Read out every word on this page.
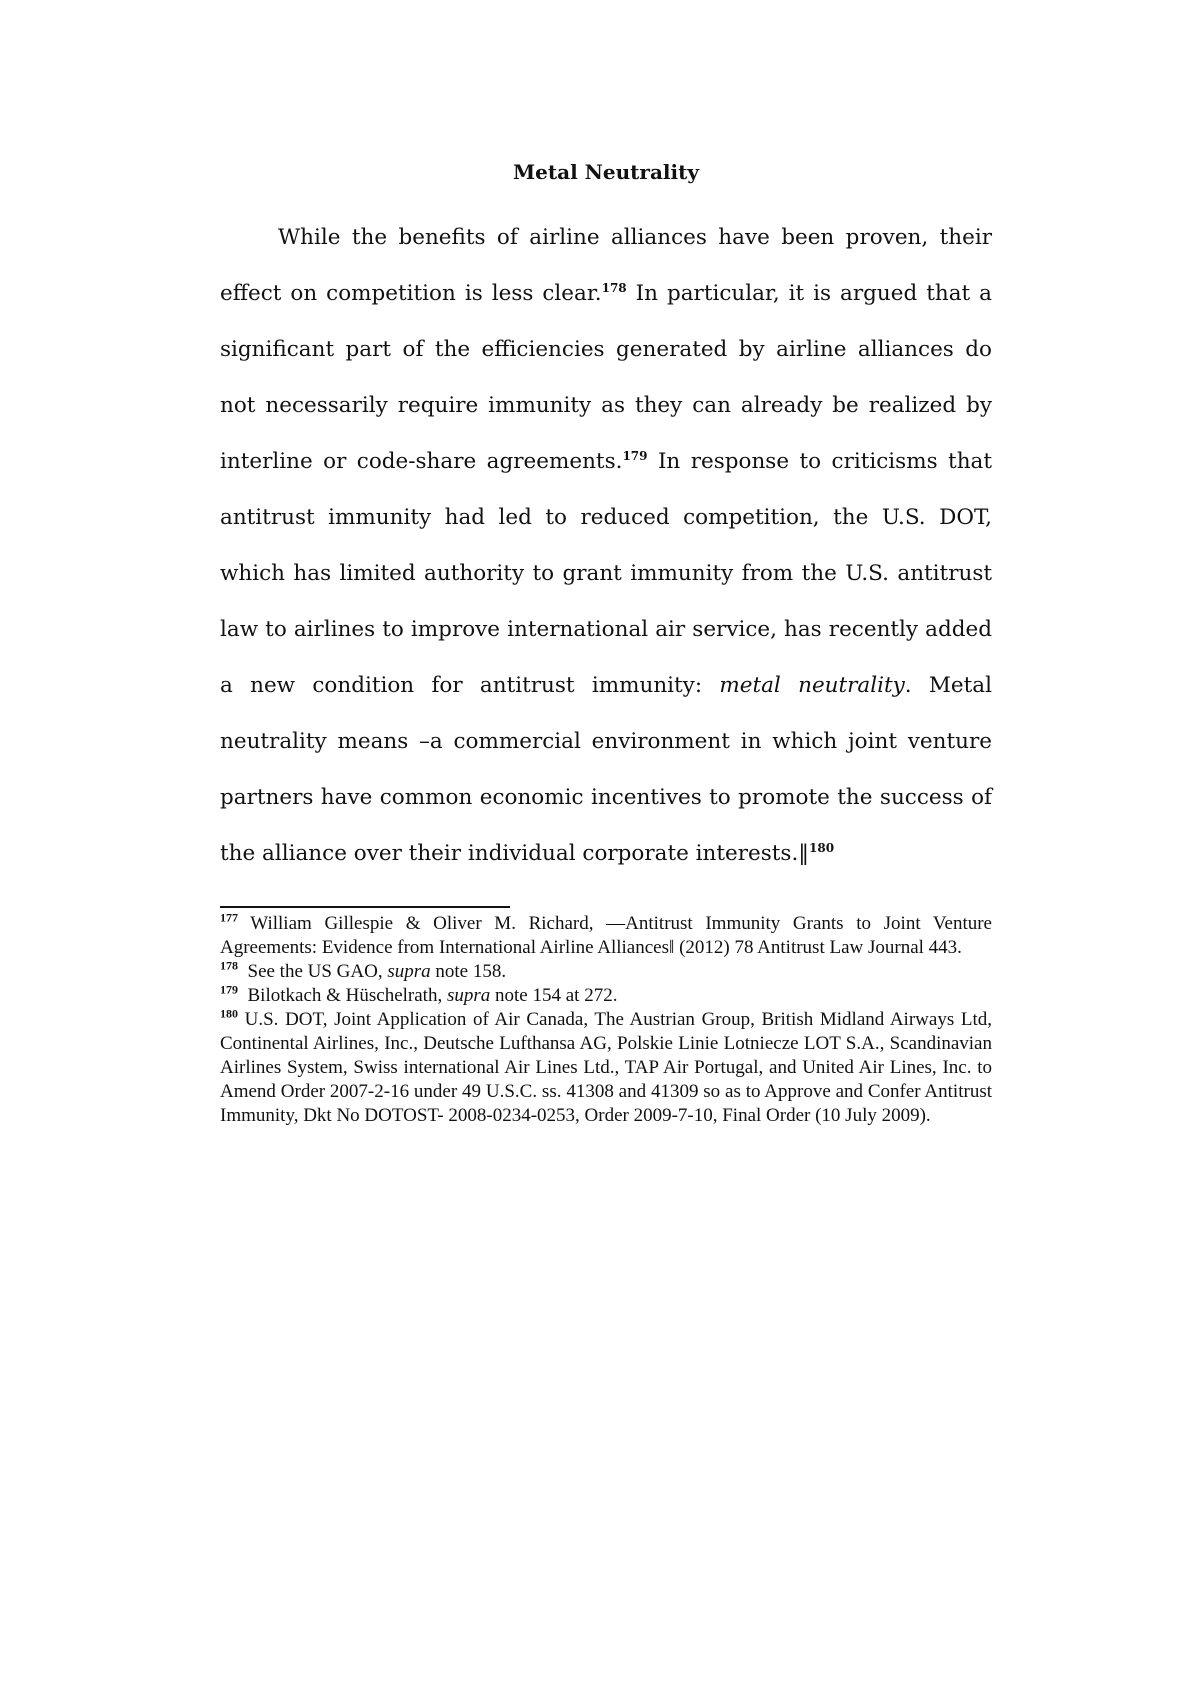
Metal Neutrality

While the benefits of airline alliances have been proven, their effect on competition is less clear.$^{178}$ In particular, it is argued that a significant part of the efficiencies generated by airline alliances do not necessarily require immunity as they can already be realized by interline or code-share agreements.$^{179}$ In response to criticisms that antitrust immunity had led to reduced competition, the U.S. DOT, which has limited authority to grant immunity from the U.S. antitrust law to airlines to improve international air service, has recently added a new condition for antitrust immunity: metal neutrality. Metal neutrality means –a commercial environment in which joint venture partners have common economic incentives to promote the success of the alliance over their individual corporate interests.‖$^{180}$

$^{177}$ William Gillespie & Oliver M. Richard, —Antitrust Immunity Grants to Joint Venture Agreements: Evidence from International Airline Alliances‖ (2012) 78 Antitrust Law Journal 443.

$^{178}$  See the US GAO, supra note 158.

$^{179}$  Bilotkach & Hüschelrath, supra note 154 at 272.

$^{180}$ U.S. DOT, Joint Application of Air Canada, The Austrian Group, British Midland Airways Ltd, Continental Airlines, Inc., Deutsche Lufthansa AG, Polskie Linie Lotniecze LOT S.A., Scandinavian Airlines System, Swiss international Air Lines Ltd., TAP Air Portugal, and United Air Lines, Inc. to Amend Order 2007-2-16 under 49 U.S.C. ss. 41308 and 41309 so as to Approve and Confer Antitrust Immunity, Dkt No DOTOST- 2008-0234-0253, Order 2009-7-10, Final Order (10 July 2009).
